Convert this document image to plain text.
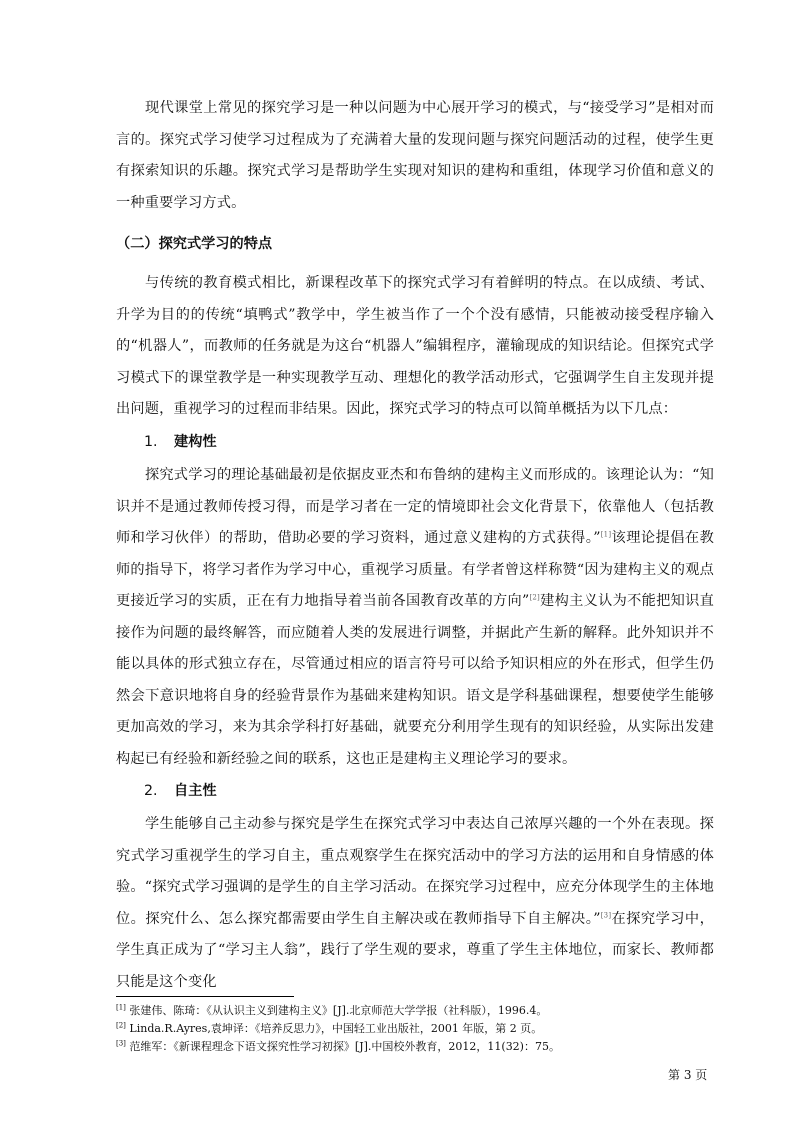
现代课堂上常见的探究学习是一种以问题为中心展开学习的模式，与“接受学习”是相对而言的。探究式学习使学习过程成为了充满着大量的发现问题与探究问题活动的过程，使学生更有探索知识的乐趣。探究式学习是帮助学生实现对知识的建构和重组，体现学习价值和意义的一种重要学习方式。

（二）探究式学习的特点

与传统的教育模式相比，新课程改革下的探究式学习有着鲜明的特点。在以成绩、考试、升学为目的的传统“填鸭式”教学中，学生被当作了一个个没有感情，只能被动接受程序输入的“机器人”，而教师的任务就是为这台“机器人”编辑程序，灌输现成的知识结论。但探究式学习模式下的课堂教学是一种实现教学互动、理想化的教学活动形式，它强调学生自主发现并提出问题，重视学习的过程而非结果。因此，探究式学习的特点可以简单概括为以下几点：

1. 建构性

探究式学习的理论基础最初是依据皮亚杰和布鲁纳的建构主义而形成的。该理论认为：“知识并不是通过教师传授习得，而是学习者在一定的情境即社会文化背景下，依靠他人（包括教师和学习伙伴）的帮助，借助必要的学习资料，通过意义建构的方式获得。”[1]该理论提倡在教师的指导下，将学习者作为学习中心，重视学习质量。有学者曾这样称赞“因为建构主义的观点更接近学习的实质，正在有力地指导着当前各国教育改革的方向”[2]建构主义认为不能把知识直接作为问题的最终解答，而应随着人类的发展进行调整，并据此产生新的解释。此外知识并不能以具体的形式独立存在，尽管通过相应的语言符号可以给予知识相应的外在形式，但学生仍然会下意识地将自身的经验背景作为基础来建构知识。语文是学科基础课程，想要使学生能够更加高效的学习，来为其余学科打好基础，就要充分利用学生现有的知识经验，从实际出发建构起已有经验和新经验之间的联系，这也正是建构主义理论学习的要求。

2. 自主性

学生能够自己主动参与探究是学生在探究式学习中表达自己浓厚兴趣的一个外在表现。探究式学习重视学生的学习自主，重点观察学生在探究活动中的学习方法的运用和自身情感的体验。“探究式学习强调的是学生的自主学习活动。在探究学习过程中，应充分体现学生的主体地位。探究什么、怎么探究都需要由学生自主解决或在教师指导下自主解决。”[3]在探究学习中，学生真正成为了“学习主人翁”，践行了学生观的要求，尊重了学生主体地位，而家长、教师都只能是这个变化

[1] 张建伟、陈琦：《从认识主义到建构主义》[J].北京师范大学学报（社科版），1996.4。

[2] Linda.R.Ayres,袁坤译：《培养反思力》，中国轻工业出版社，2001 年版，第 2 页。

[3] 范维军：《新课程理念下语文探究性学习初探》[J].中国校外教育，2012，11(32)：75。

第 3 页
